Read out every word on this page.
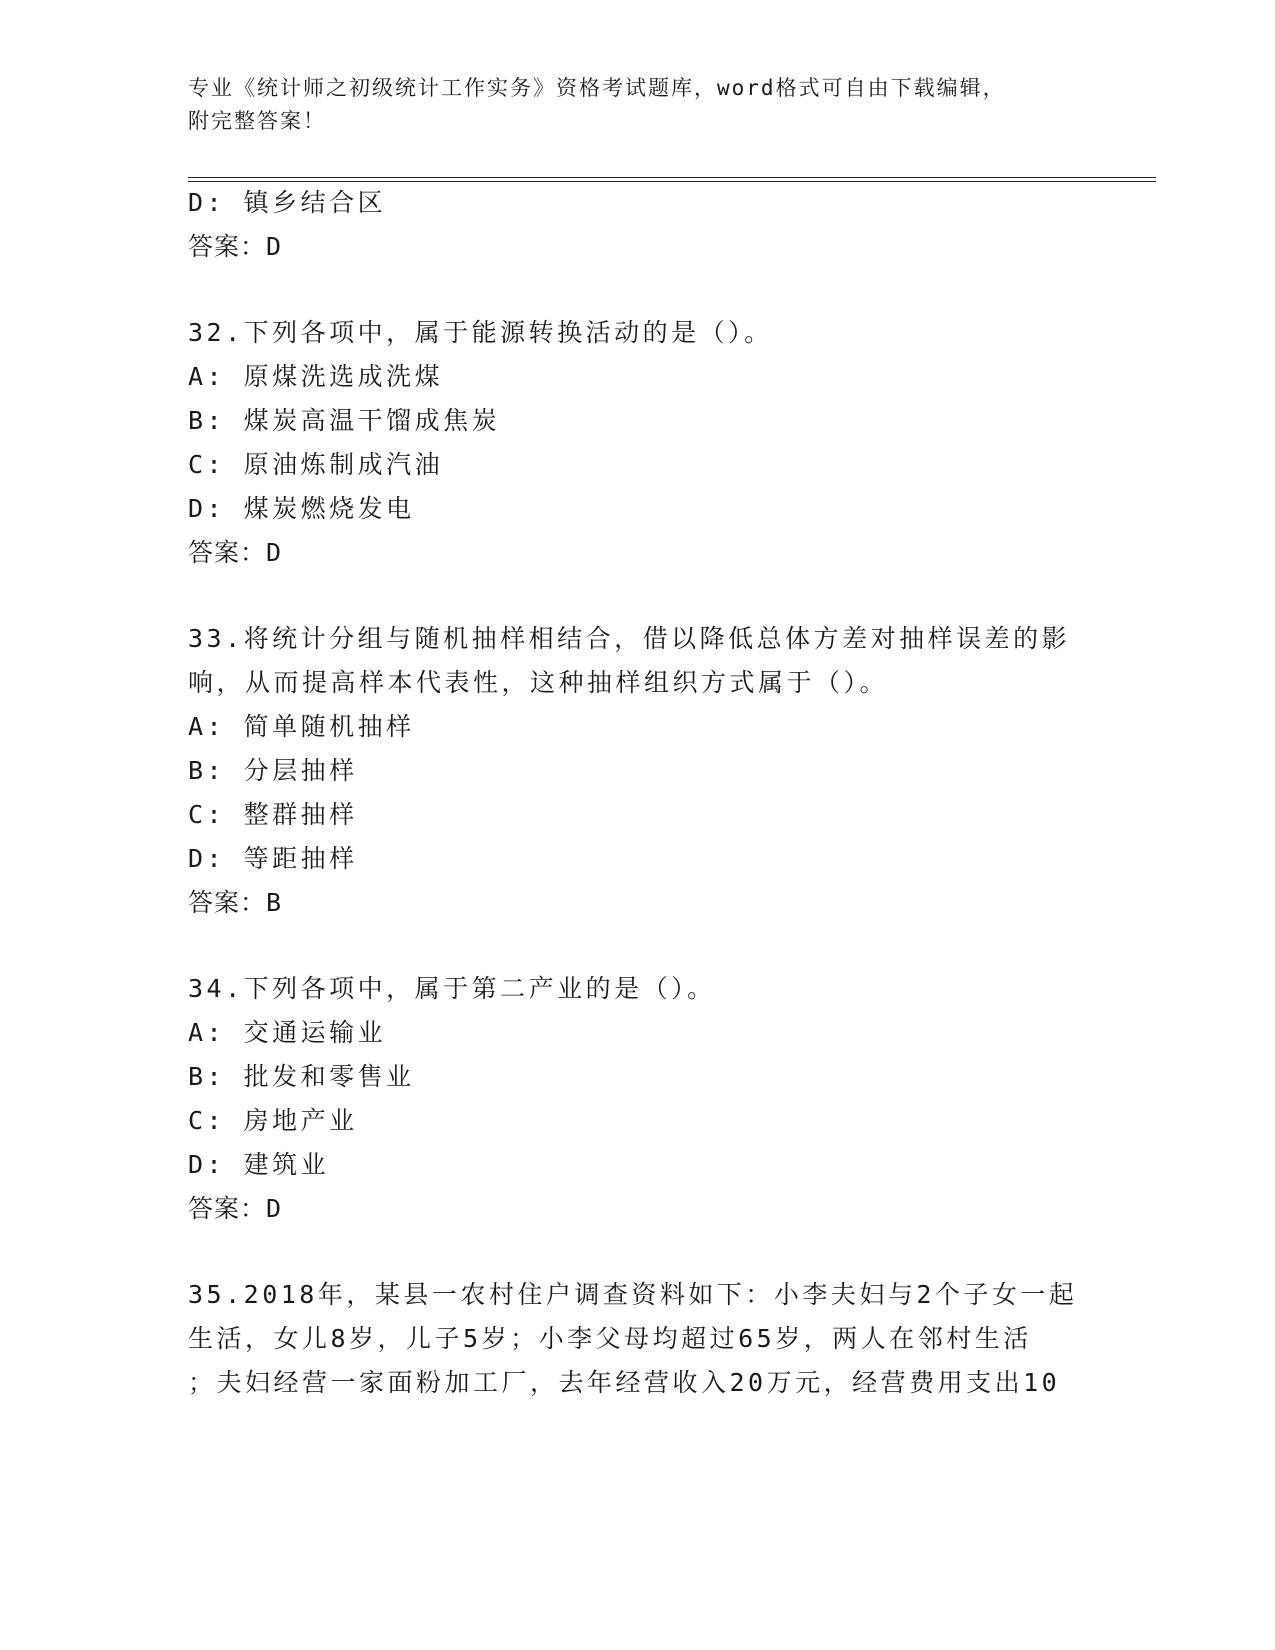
专业《统计师之初级统计工作实务》资格考试题库，word格式可自由下载编辑，
附完整答案！
D: 镇乡结合区
答案：D
32.下列各项中，属于能源转换活动的是（）。
A: 原煤洗选成洗煤
B: 煤炭高温干馏成焦炭
C: 原油炼制成汽油
D: 煤炭燃烧发电
答案：D
33.将统计分组与随机抽样相结合，借以降低总体方差对抽样误差的影
响，从而提高样本代表性，这种抽样组织方式属于（）。
A: 简单随机抽样
B: 分层抽样
C: 整群抽样
D: 等距抽样
答案：B
34.下列各项中，属于第二产业的是（）。
A: 交通运输业
B: 批发和零售业
C: 房地产业
D: 建筑业
答案：D
35.2018年，某县一农村住户调查资料如下：小李夫妇与2个子女一起
生活，女儿8岁，儿子5岁；小李父母均超过65岁，两人在邻村生活
；夫妇经营一家面粉加工厂，去年经营收入20万元，经营费用支出10
